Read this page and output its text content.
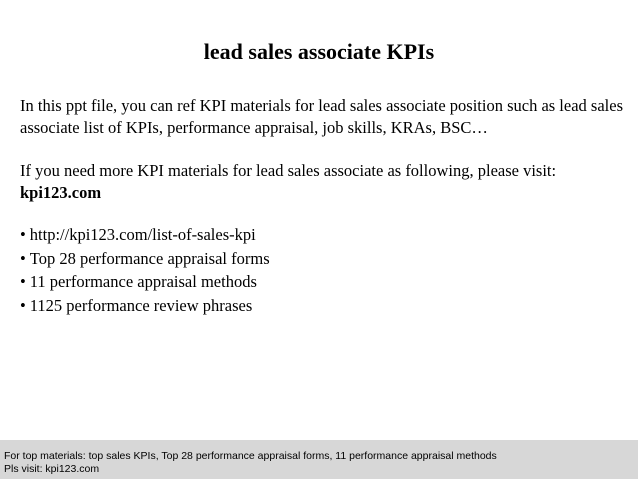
lead sales associate KPIs
In this ppt file, you can ref KPI materials for lead sales associate position such as lead sales associate list of KPIs, performance appraisal, job skills, KRAs, BSC…
If you need more KPI materials for lead sales associate as following, please visit:
kpi123.com
• http://kpi123.com/list-of-sales-kpi
• Top 28 performance appraisal forms
• 11 performance appraisal methods
• 1125 performance review phrases
For top materials: top sales KPIs, Top 28 performance appraisal forms, 11 performance appraisal methods
Pls visit: kpi123.com
